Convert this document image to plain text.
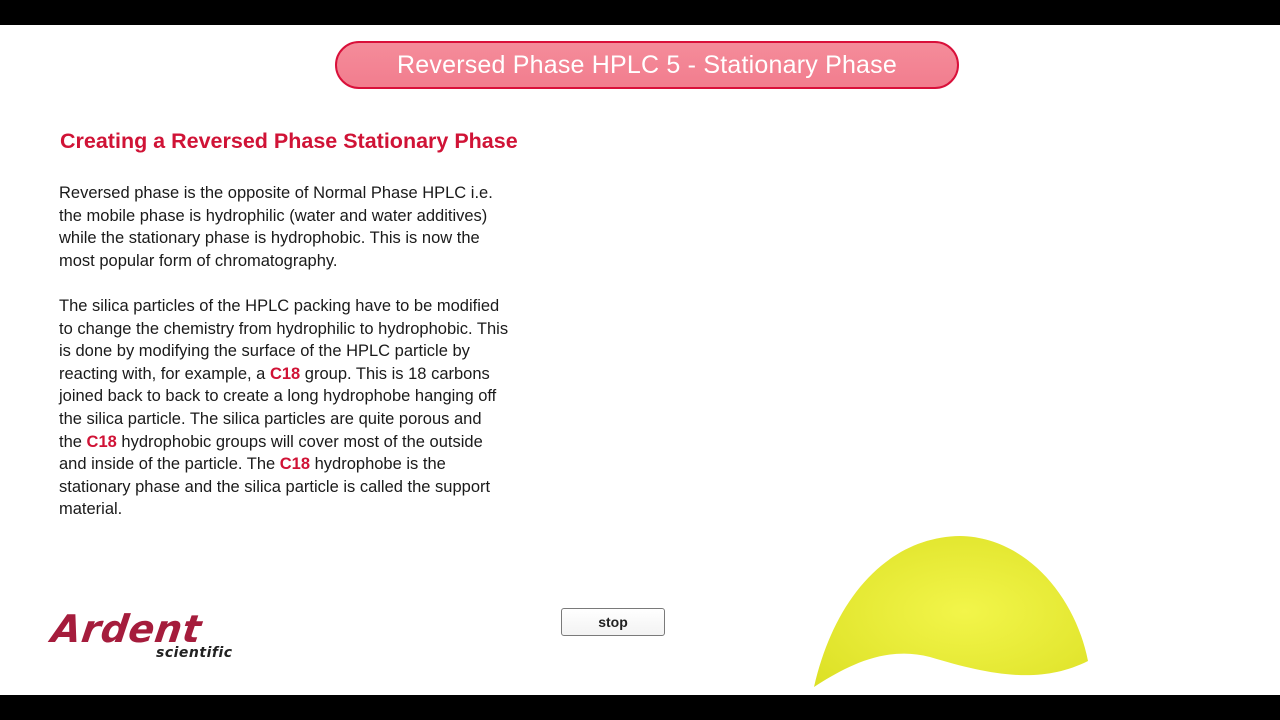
Reversed Phase HPLC 5 - Stationary Phase
Creating a Reversed Phase Stationary Phase

Reversed phase is the opposite of Normal Phase HPLC i.e. the mobile phase is hydrophilic (water and water additives) while the stationary phase is hydrophobic. This is now the most popular form of chromatography.

The silica particles of the HPLC packing have to be modified to change the chemistry from hydrophilic to hydrophobic. This is done by modifying the surface of the HPLC particle by reacting with, for example, a C18 group. This is 18 carbons joined back to back to create a long hydrophobe hanging off the silica particle. The silica particles are quite porous and the C18 hydrophobic groups will cover most of the outside and inside of the particle. The C18 hydrophobe is the stationary phase and the silica particle is called the support material.

Ardent
scientific
stop
